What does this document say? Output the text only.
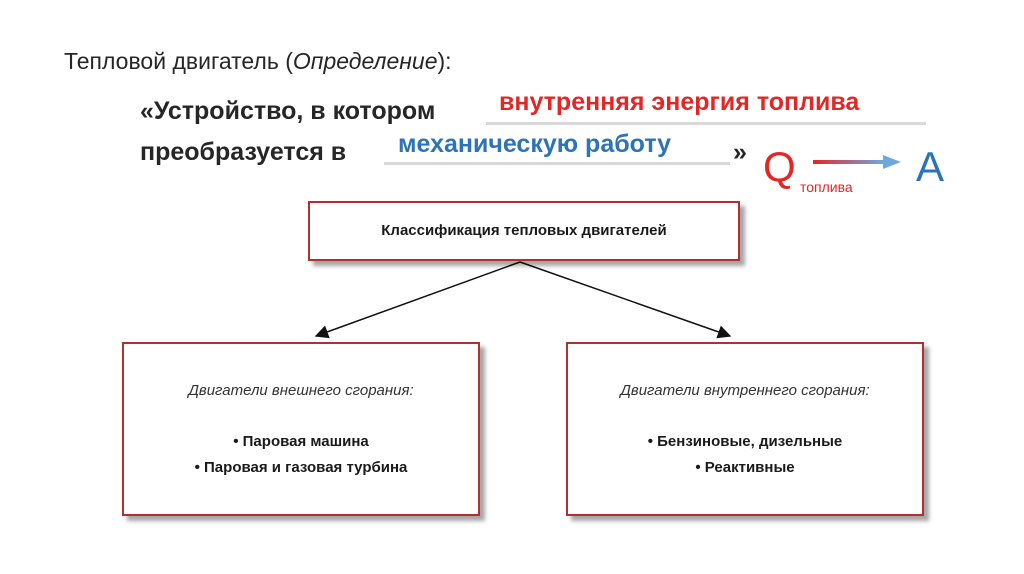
Тепловой двигатель (Определение):
«Устройство, в котором	внутренняя энергия топлива
преобразуется в механическую работу » Q топлива A
Классификация тепловых двигателей
Двигатели внешнего сгорания:
• Паровая машина
• Паровая и газовая турбина
Двигатели внутреннего сгорания:
• Бензиновые, дизельные
• Реактивные
